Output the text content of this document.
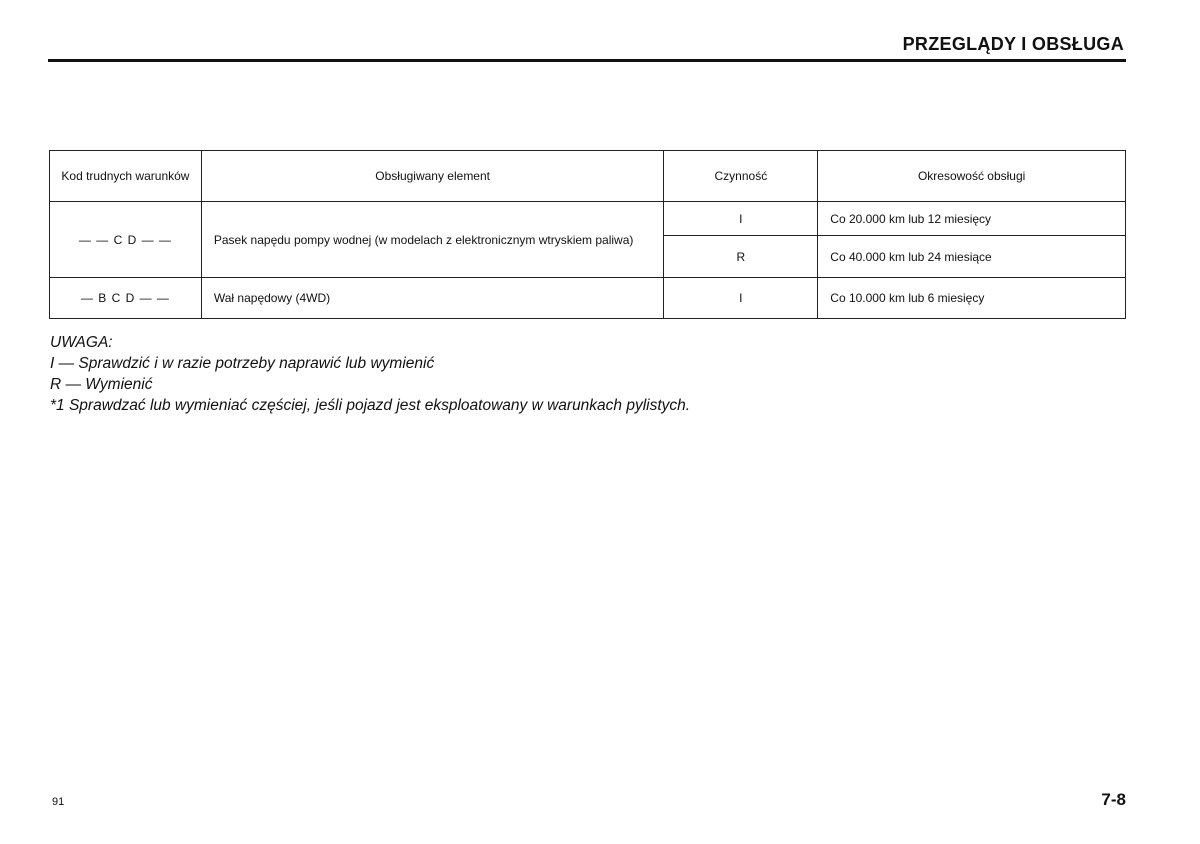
PRZEGLĄDY I OBSŁUGA
Kod trudnych warunków	Obsługiwany element	Czynność	Okresowość obsługi
— — C D — —	Pasek napędu pompy wodnej (w modelach z elektronicznym wtryskiem paliwa)	I	Co 20.000 km lub 12 miesięcy
		R	Co 40.000 km lub 24 miesiące
— B C D — —	Wał napędowy (4WD)	I	Co 10.000 km lub 6 miesięcy
UWAGA:
I — Sprawdzić i w razie potrzeby naprawić lub wymienić
R — Wymienić
*1 Sprawdzać lub wymieniać częściej, jeśli pojazd jest eksploatowany w warunkach pylistych.
91	7-8
